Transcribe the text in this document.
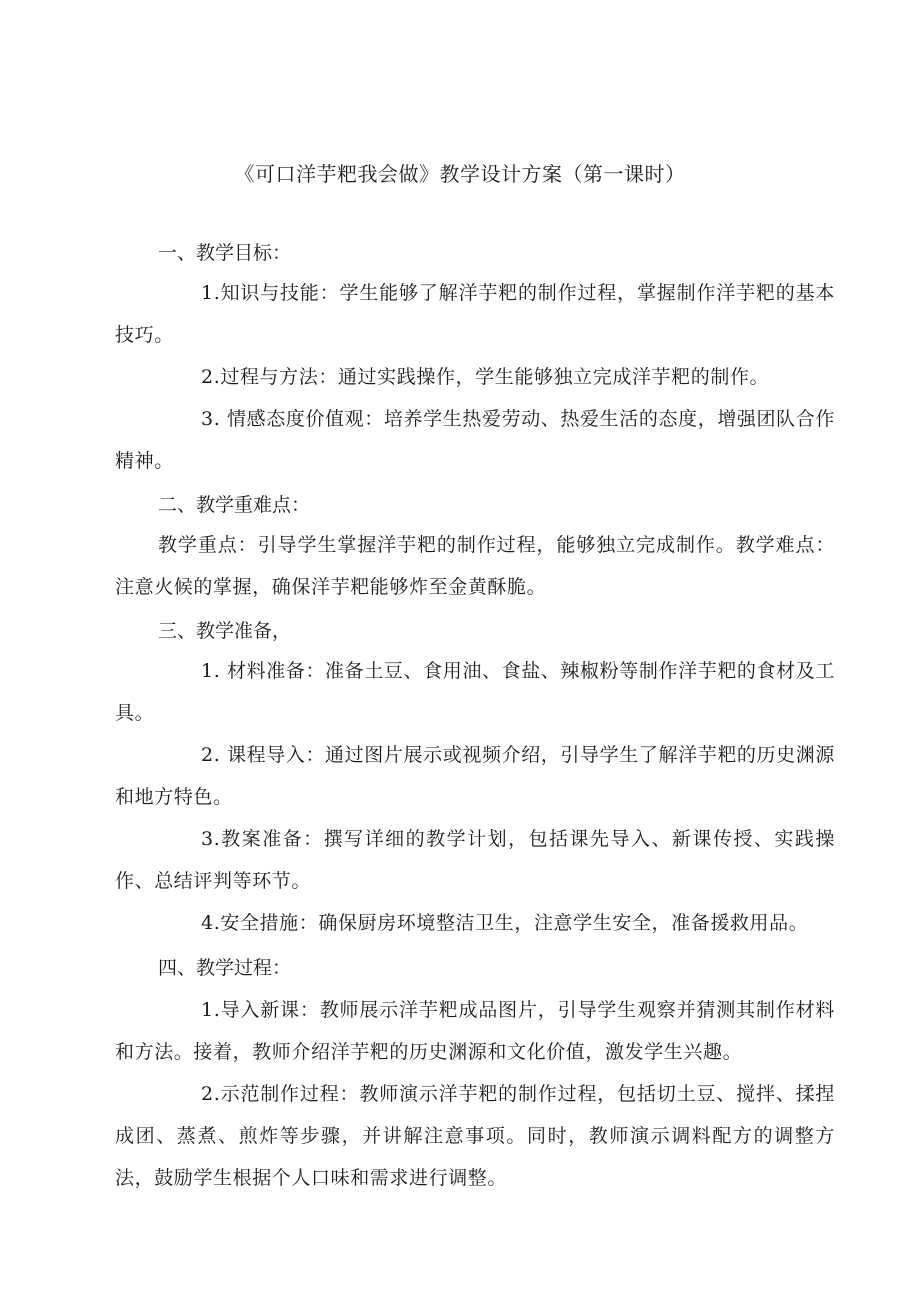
《可口洋芋粑我会做》教学设计方案（第一课时）
一、教学目标：
1.知识与技能：学生能够了解洋芋粑的制作过程，掌握制作洋芋粑的基本技巧。
2.过程与方法：通过实践操作，学生能够独立完成洋芋粑的制作。
3. 情感态度价值观：培养学生热爱劳动、热爱生活的态度，增强团队合作精神。
二、教学重难点：
教学重点：引导学生掌握洋芋粑的制作过程，能够独立完成制作。教学难点：注意火候的掌握，确保洋芋粑能够炸至金黄酥脆。
三、教学准备，
1. 材料准备：准备土豆、食用油、食盐、辣椒粉等制作洋芋粑的食材及工具。
2. 课程导入：通过图片展示或视频介绍，引导学生了解洋芋粑的历史渊源和地方特色。
3.教案准备：撰写详细的教学计划，包括课先导入、新课传授、实践操作、总结评判等环节。
4.安全措施：确保厨房环境整洁卫生，注意学生安全，准备援救用品。
四、教学过程：
1.导入新课：教师展示洋芋粑成品图片，引导学生观察并猜测其制作材料和方法。接着，教师介绍洋芋粑的历史渊源和文化价值，激发学生兴趣。
2.示范制作过程：教师演示洋芋粑的制作过程，包括切土豆、搅拌、揉捏成团、蒸煮、煎炸等步骤，并讲解注意事项。同时，教师演示调料配方的调整方法，鼓励学生根据个人口味和需求进行调整。
